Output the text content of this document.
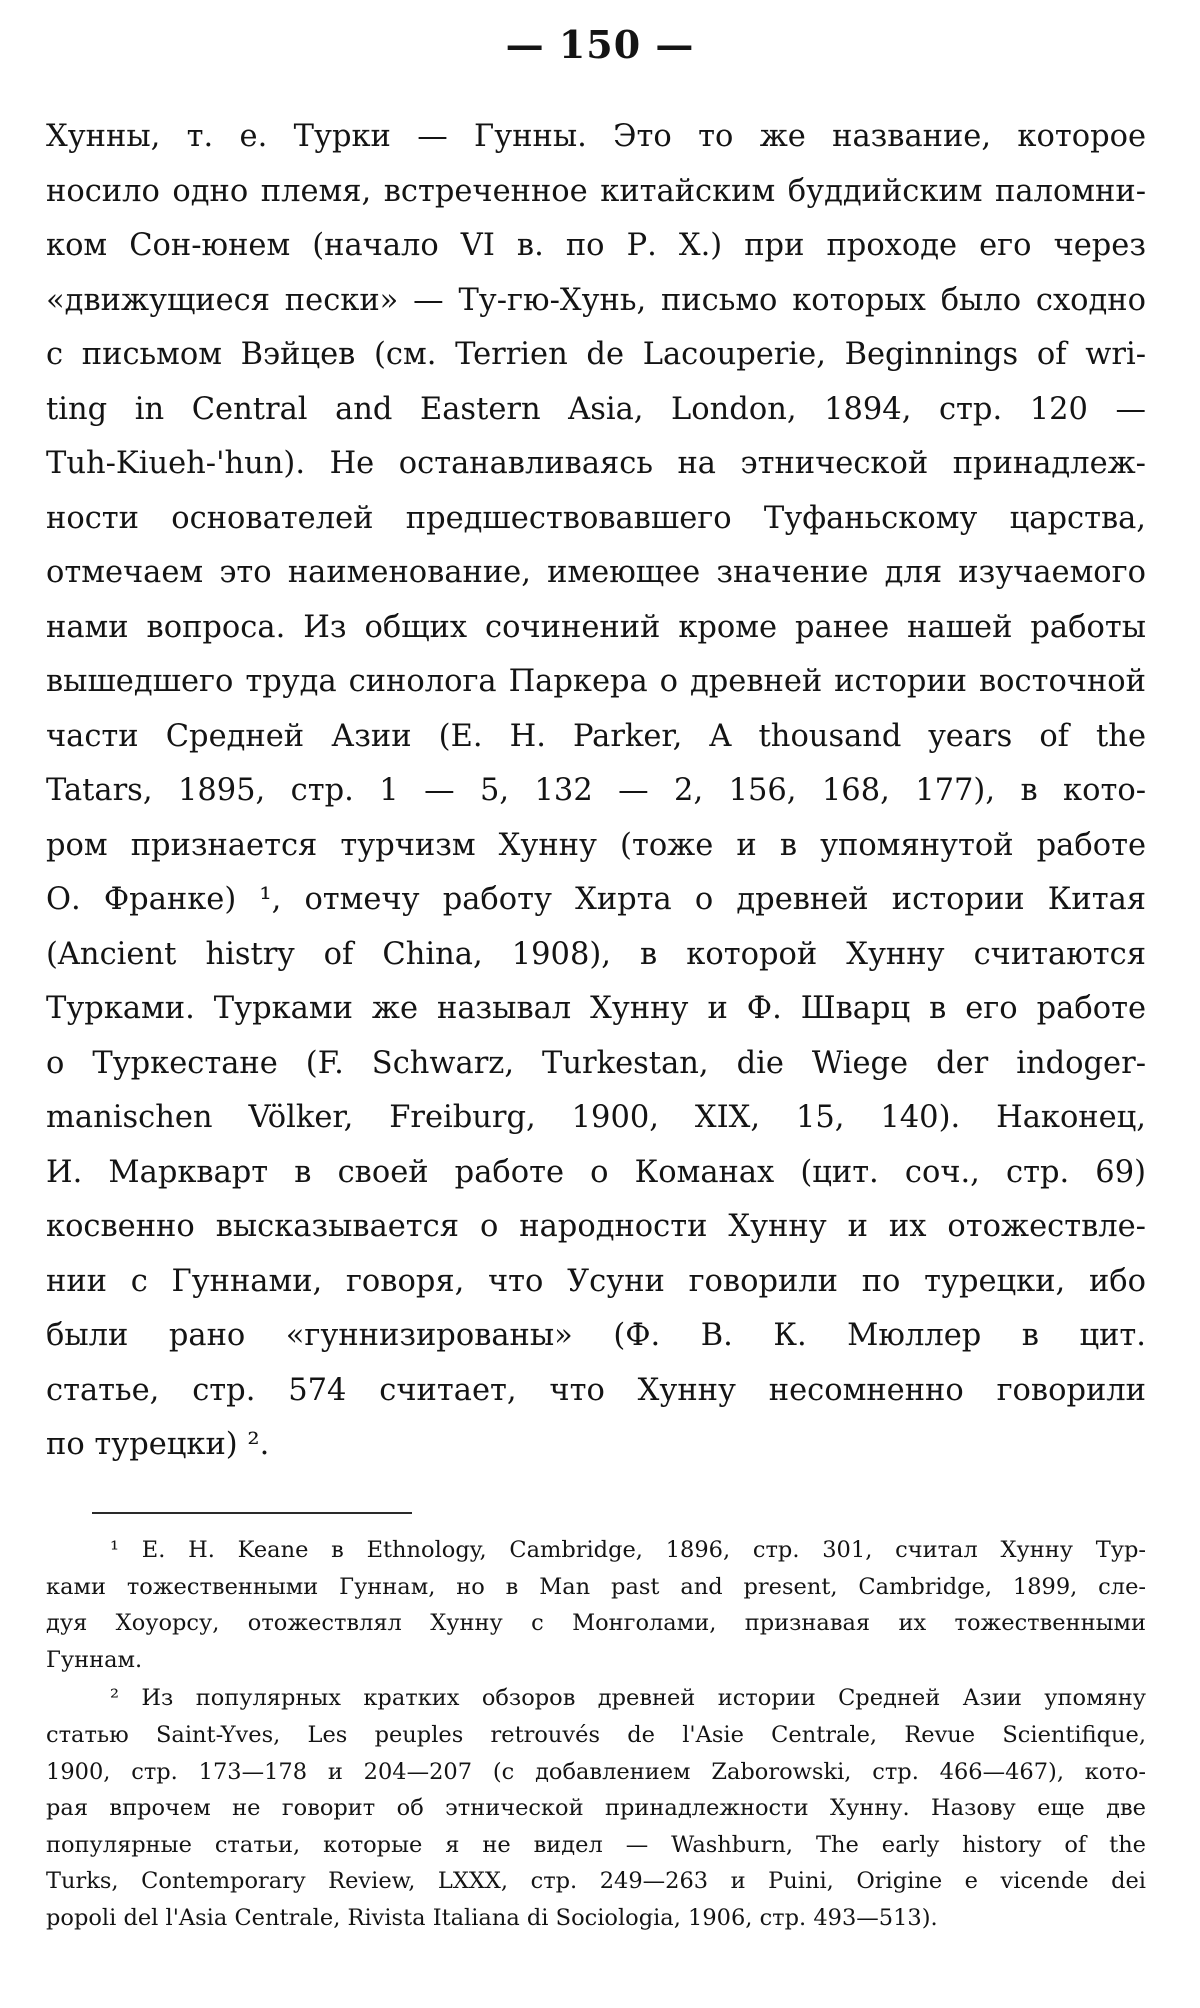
— 150 —
Хунны, т. е. Турки — Гунны. Это то же название, которое
носило одно племя, встреченное китайским буддийским паломни-
ком Сон-юнем (начало VI в. по Р. Х.) при проходе его через
«движущиеся пески» — Ту-гю-Хунь, письмо которых было сходно
с письмом Вэйцев (см. Terrien de Lacouperie, Beginnings of wri-
ting in Central and Eastern Asia, London, 1894, стр. 120 —
Tuh-Kiueh-'hun). Не останавливаясь на этнической принадлеж-
ности основателей предшествовавшего Туфаньскому царства,
отмечаем это наименование, имеющее значение для изучаемого
нами вопроса. Из общих сочинений кроме ранее нашей работы
вышедшего труда синолога Паркера о древней истории восточной
части Средней Азии (E. H. Parker, A thousand years of the
Tatars, 1895, стр. 1 — 5, 132 — 2, 156, 168, 177), в кото-
ром признается турчизм Хунну (тоже и в упомянутой работе
О. Франке) ¹, отмечу работу Хирта о древней истории Китая
(Ancient histry of China, 1908), в которой Хунну считаются
Турками. Турками же называл Хунну и Ф. Шварц в его работе
о Туркестане (F. Schwarz, Turkestan, die Wiege der indoger-
manischen Völker, Freiburg, 1900, XIX, 15, 140). Наконец,
И. Маркварт в своей работе о Команах (цит. соч., стр. 69)
косвенно высказывается о народности Хунну и их отожествле-
нии с Гуннами, говоря, что Усуни говорили по турецки, ибо
были рано «гуннизированы» (Ф. В. К. Мюллер в цит.
статье, стр. 574 считает, что Хунну несомненно говорили
по турецки) ².
¹ E. H. Keane в Ethnology, Cambridge, 1896, стр. 301, считал Хунну Тур-
ками тожественными Гуннам, но в Man past and present, Cambridge, 1899, сле-
дуя Хоуорсу, отожествлял Хунну с Монголами, признавая их тожественными
Гуннам.
² Из популярных кратких обзоров древней истории Средней Азии упомяну
статью Saint-Yves, Les peuples retrouvés de l'Asie Centrale, Revue Scientifique,
1900, стр. 173—178 и 204—207 (с добавлением Zaborowski, стр. 466—467), кото-
рая впрочем не говорит об этнической принадлежности Хунну. Назову еще две
популярные статьи, которые я не видел — Washburn, The early history of the
Turks, Contemporary Review, LXXX, стр. 249—263 и Puini, Origine e vicende dei
popoli del l'Asia Centrale, Rivista Italiana di Sociologia, 1906, стр. 493—513).
